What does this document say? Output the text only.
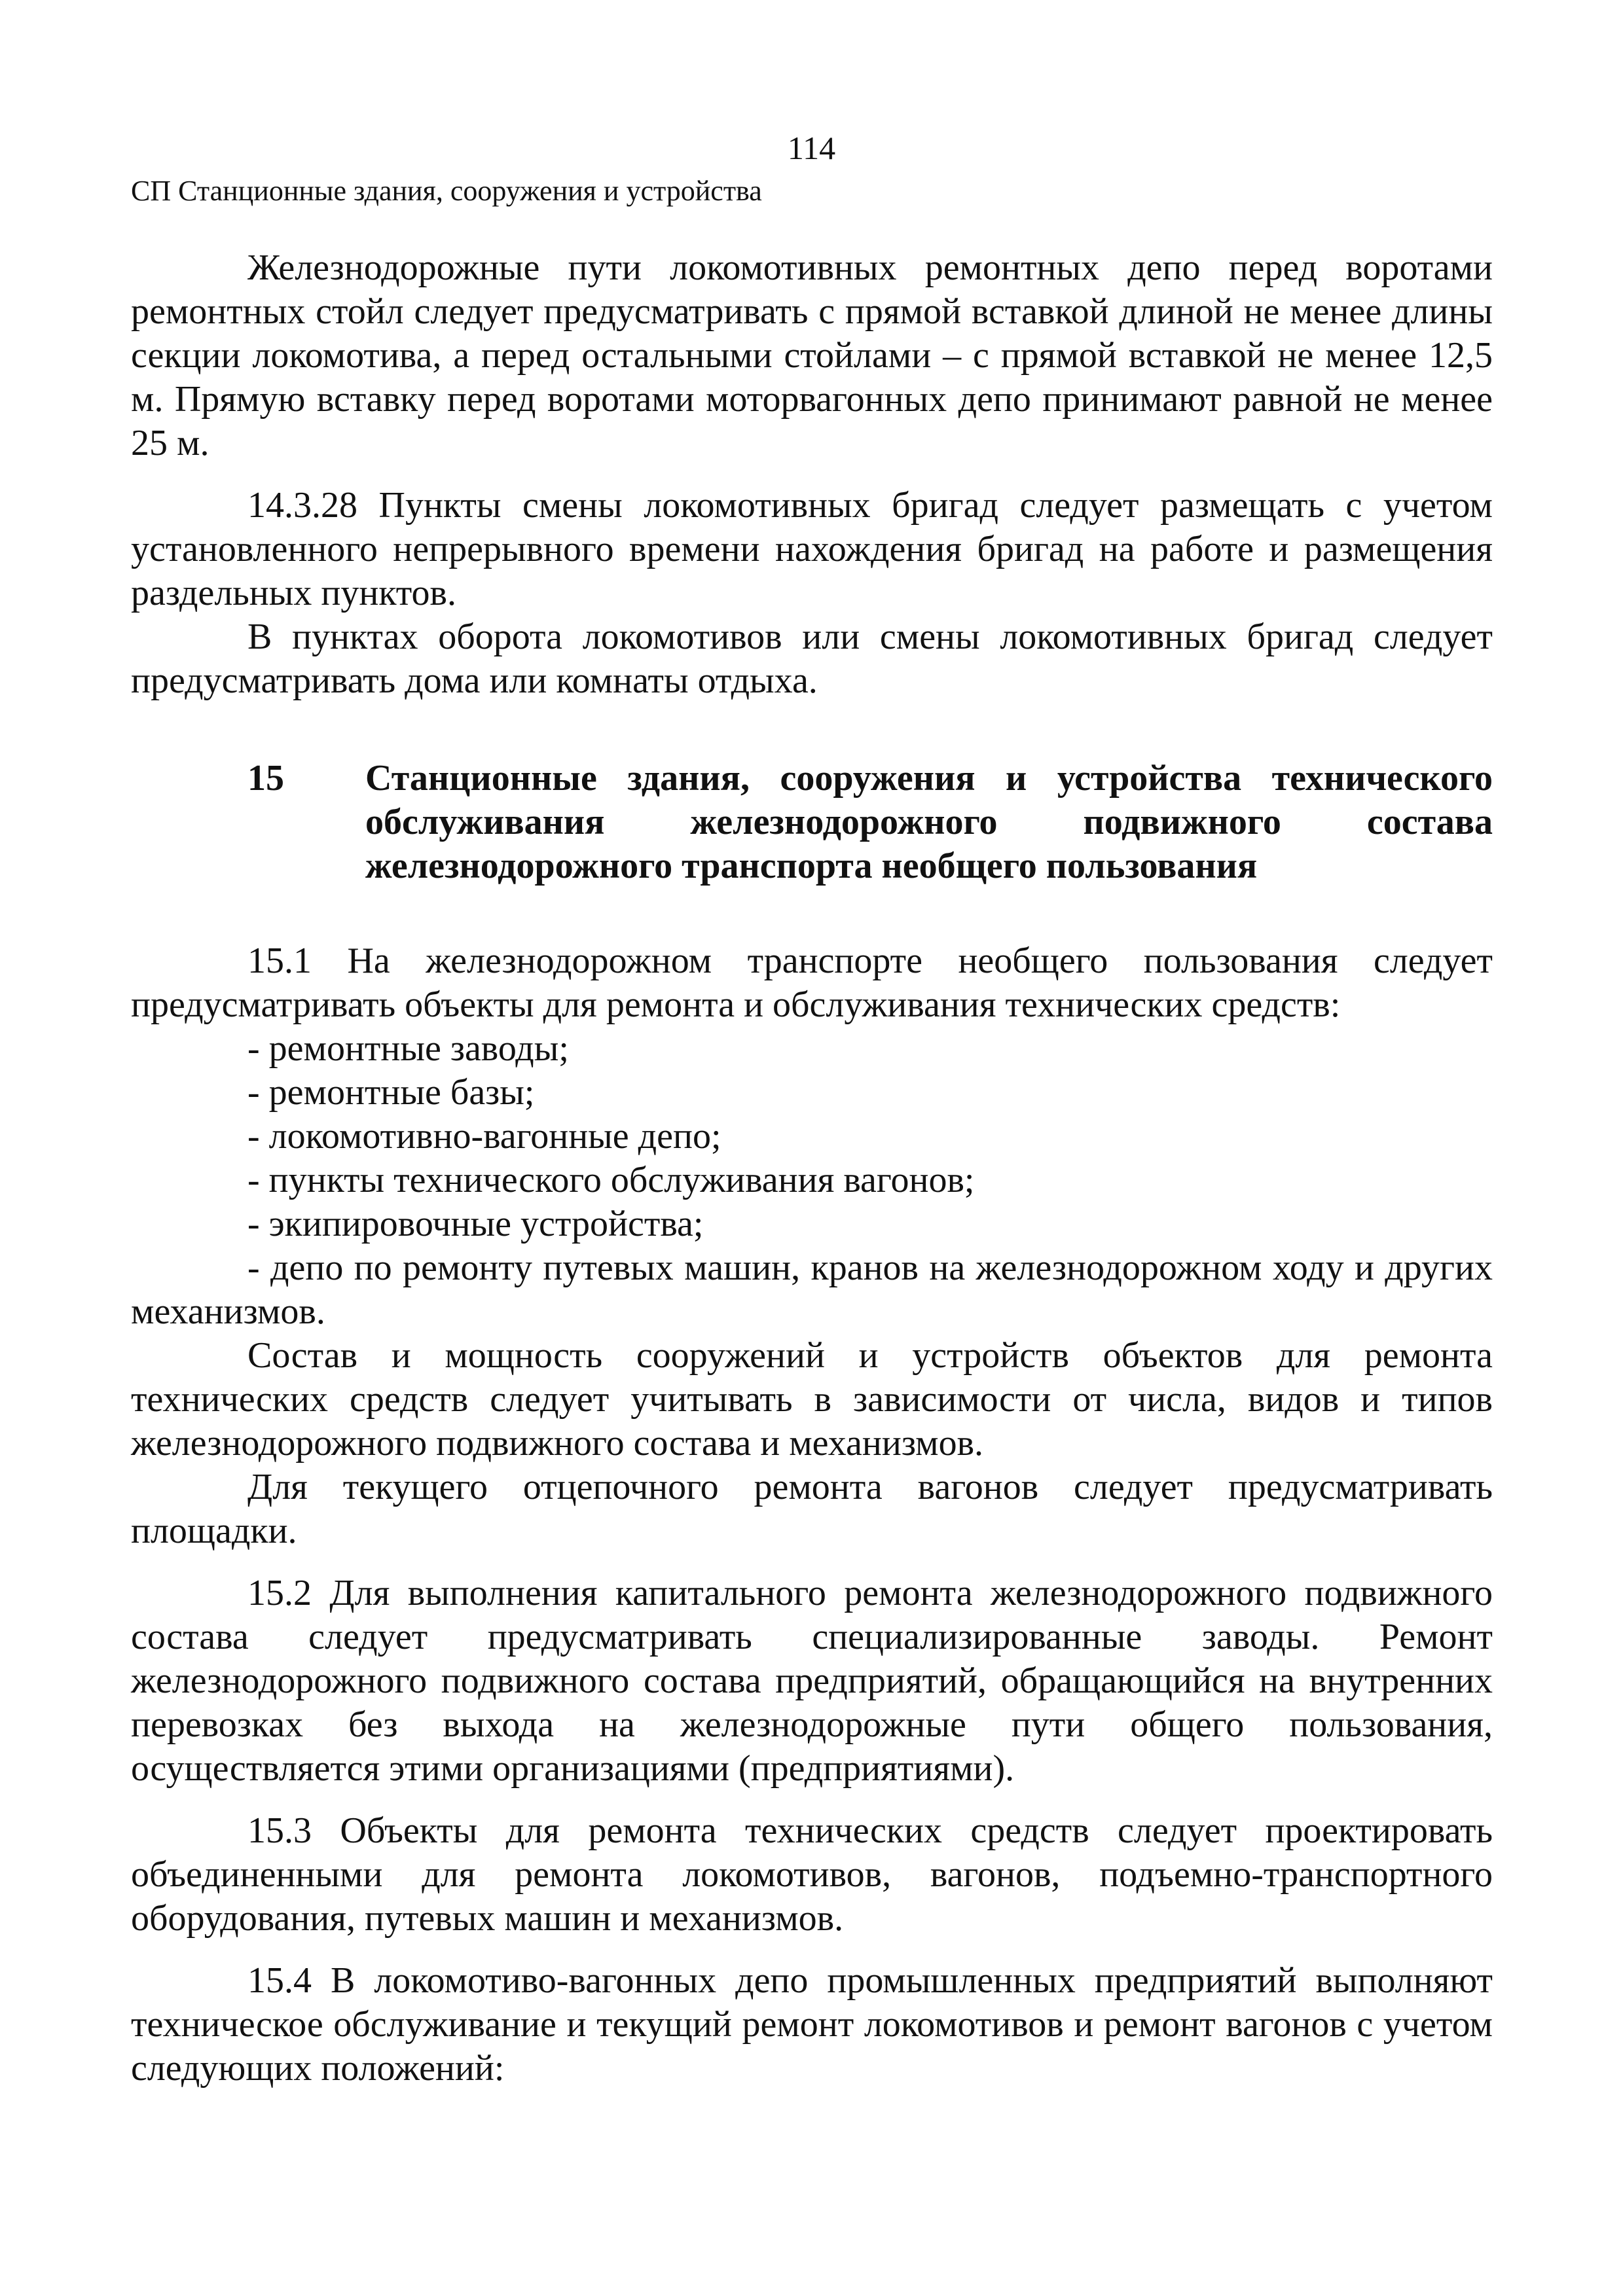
114
СП Станционные здания, сооружения и устройства

Железнодорожные пути локомотивных ремонтных депо перед воротами ремонтных стойл следует предусматривать с прямой вставкой длиной не менее длины секции локомотива, а перед остальными стойлами – с прямой вставкой не менее 12,5 м. Прямую вставку перед воротами моторвагонных депо принимают равной не менее 25 м.

14.3.28 Пункты смены локомотивных бригад следует размещать с учетом установленного непрерывного времени нахождения бригад на работе и размещения раздельных пунктов.

В пунктах оборота локомотивов или смены локомотивных бригад следует предусматривать дома или комнаты отдыха.

15	Станционные здания, сооружения и устройства технического
обслуживания железнодорожного подвижного состава
железнодорожного транспорта необщего пользования

15.1 На железнодорожном транспорте необщего пользования следует предусматривать объекты для ремонта и обслуживания технических средств:

- ремонтные заводы;

- ремонтные базы;

- локомотивно-вагонные депо;

- пункты технического обслуживания вагонов;

- экипировочные устройства;

- депо по ремонту путевых машин, кранов на железнодорожном ходу и других механизмов.

Состав и мощность сооружений и устройств объектов для ремонта технических средств следует учитывать в зависимости от числа, видов и типов железнодорожного подвижного состава и механизмов.

Для текущего отцепочного ремонта вагонов следует предусматривать площадки.

15.2 Для выполнения капитального ремонта железнодорожного подвижного состава следует предусматривать специализированные заводы. Ремонт железнодорожного подвижного состава предприятий, обращающийся на внутренних перевозках без выхода на железнодорожные пути общего пользования, осуществляется этими организациями (предприятиями).

15.3 Объекты для ремонта технических средств следует проектировать объединенными для ремонта локомотивов, вагонов, подъемно-транспортного оборудования, путевых машин и механизмов.

15.4 В локомотиво-вагонных депо промышленных предприятий выполняют техническое обслуживание и текущий ремонт локомотивов и ремонт вагонов с учетом следующих положений:
